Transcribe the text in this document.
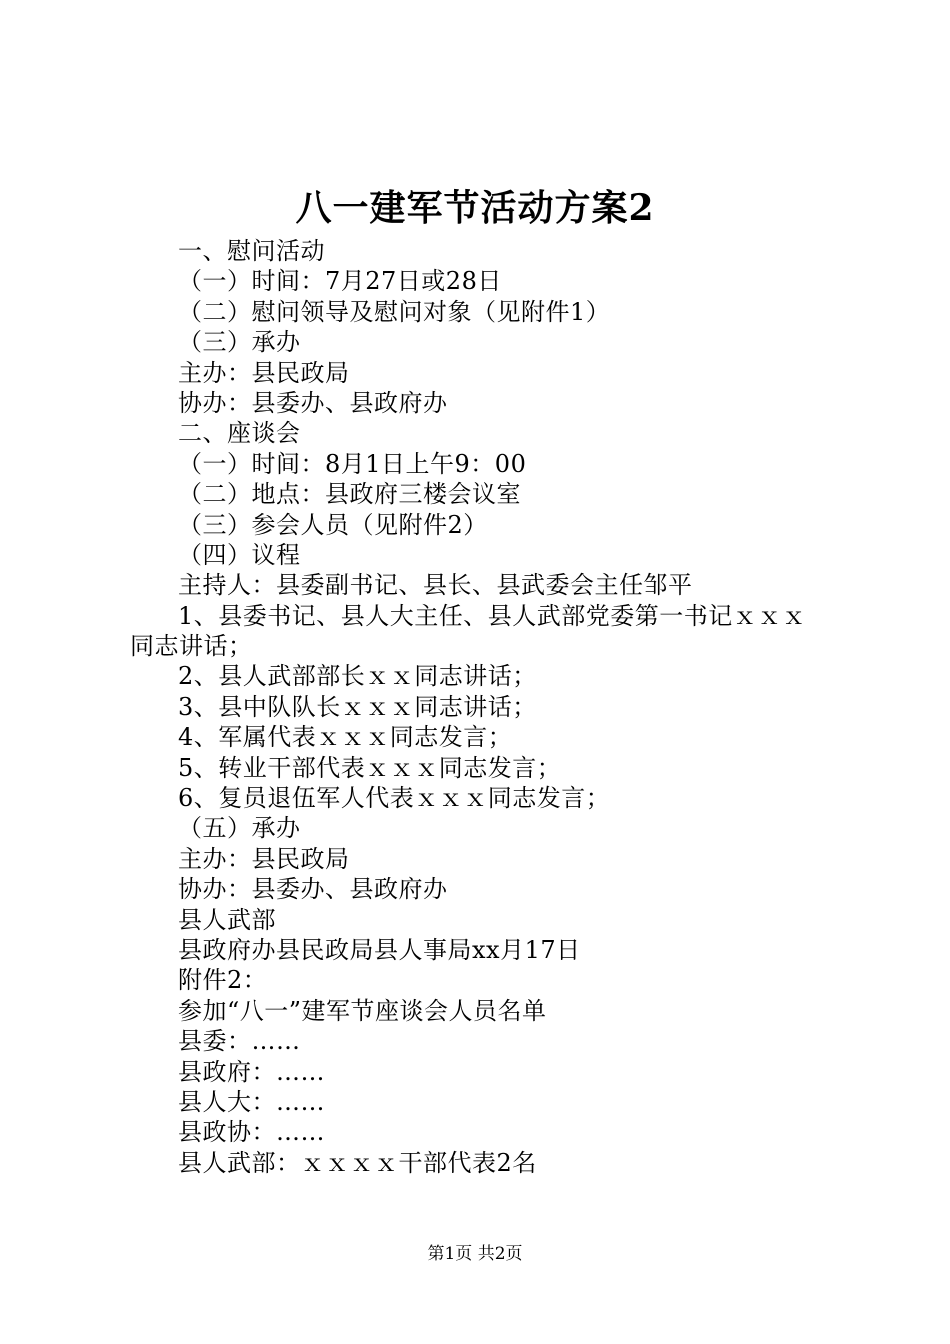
八一建军节活动方案2
一、慰问活动
（一）时间：7月27日或28日
（二）慰问领导及慰问对象（见附件1）
（三）承办
主办：县民政局
协办：县委办、县政府办
二、座谈会
（一）时间：8月1日上午9：00
（二）地点：县政府三楼会议室
（三）参会人员（见附件2）
（四）议程
主持人：县委副书记、县长、县武委会主任邹平
1、县委书记、县人大主任、县人武部党委第一书记ｘｘｘ
同志讲话；
2、县人武部部长ｘｘ同志讲话；
3、县中队队长ｘｘｘ同志讲话；
4、军属代表ｘｘｘ同志发言；
5、转业干部代表ｘｘｘ同志发言；
6、复员退伍军人代表ｘｘｘ同志发言；
（五）承办
主办：县民政局
协办：县委办、县政府办
县人武部
县政府办县民政局县人事局xx月17日
附件2：
参加“八一”建军节座谈会人员名单
县委：……
县政府：……
县人大：……
县政协：……
县人武部：ｘｘｘｘ干部代表2名
第1页 共2页
